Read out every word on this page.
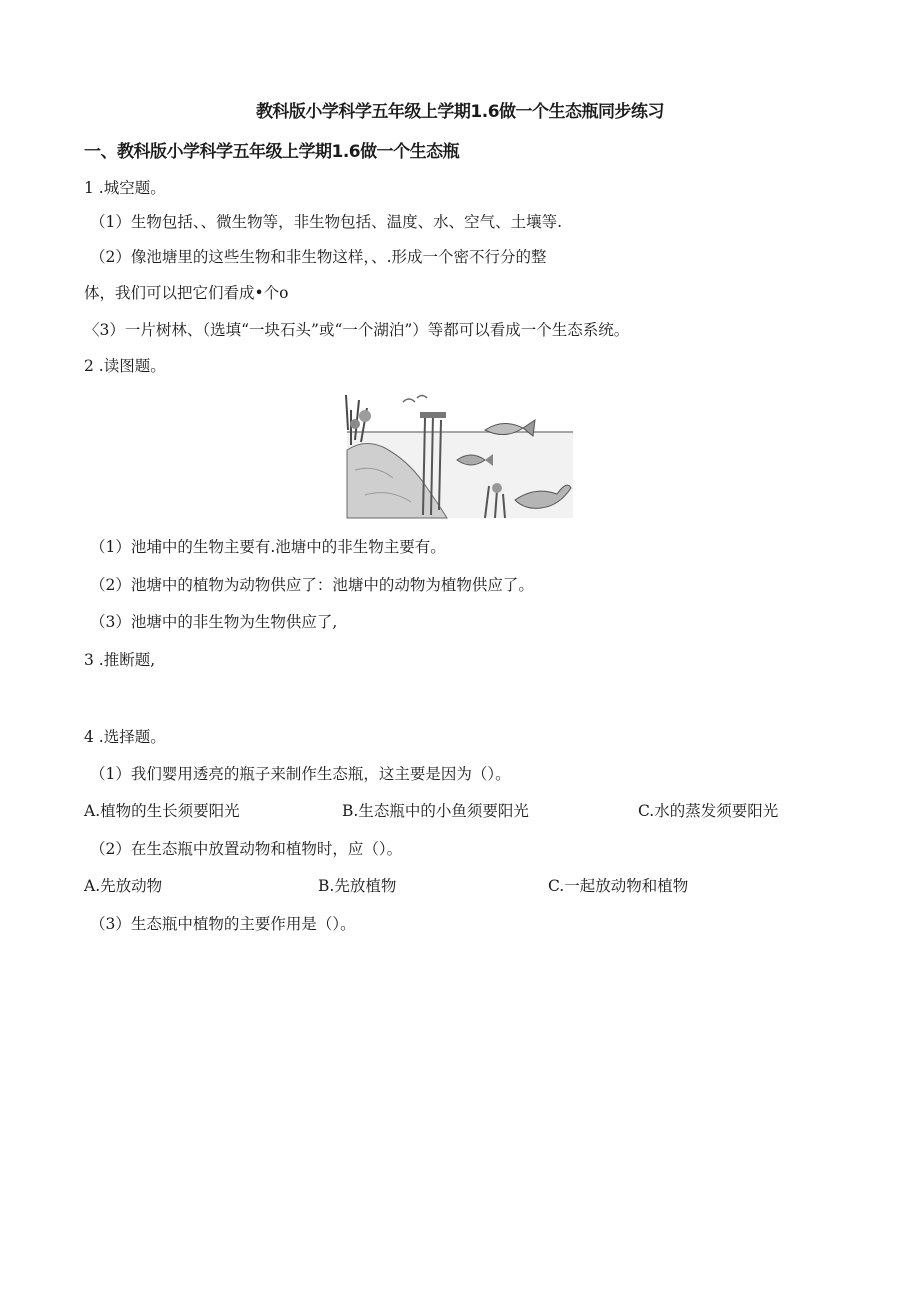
教科版小学科学五年级上学期1.6做一个生态瓶同步练习
一、教科版小学科学五年级上学期1.6做一个生态瓶
1 .城空题。
（1）生物包括、、微生物等，非生物包括、温度、水、空气、土壤等.
（2）像池塘里的这些生物和非生物这样，、.形成一个密不行分的整
体，我们可以把它们看成•个o
〈3）一片树林、（选填“一块石头”或“一个湖泊”）等都可以看成一个生态系统。
2 .读图题。
（1）池埔中的生物主要有.池塘中的非生物主要有。
（2）池塘中的植物为动物供应了：池塘中的动物为植物供应了。
（3）池塘中的非生物为生物供应了,
3 .推断题,
4 .选择题。
（1）我们婴用透亮的瓶子来制作生态瓶，这主要是因为（）。
A.植物的生长须要阳光	B.生态瓶中的小鱼须要阳光	C.水的蒸发须要阳光
（2）在生态瓶中放置动物和植物时，应（）。
A.先放动物	B.先放植物	C.一起放动物和植物
（3）生态瓶中植物的主要作用是（）。
